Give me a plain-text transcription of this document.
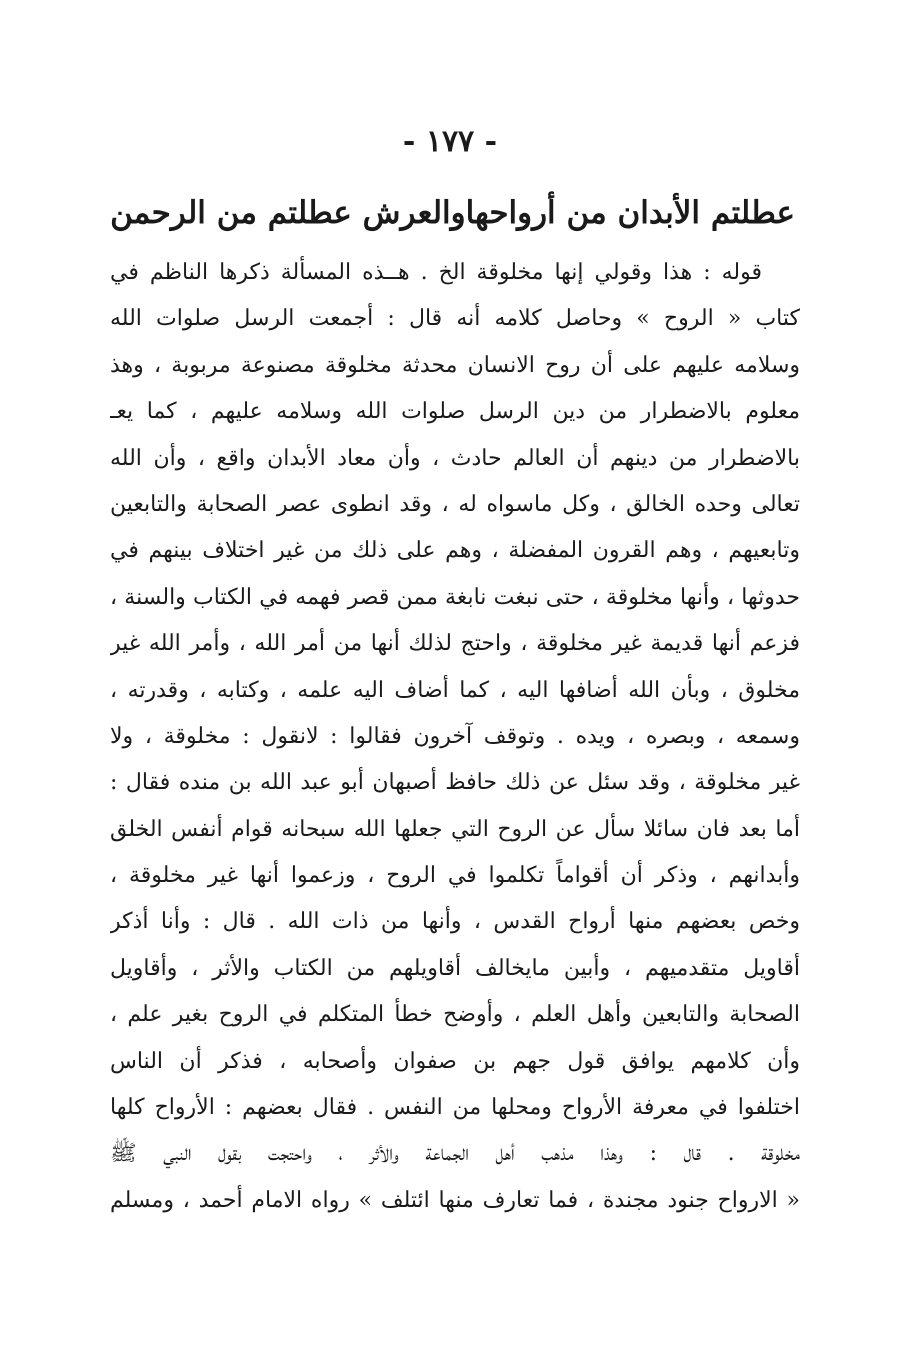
- ١٧٧ -
عطلتم الأبدان من أرواحها
والعرش عطلتم من الرحمن
قوله : هذا وقولي إنها مخلوقة الخ . هــذه المسألة ذكرها الناظم في
كتاب « الروح » وحاصل كلامه أنه قال : أجمعت الرسل صلوات الله
وسلامه عليهم على أن روح الانسان محدثة مخلوقة مصنوعة مربوبة ، وهذ
معلوم بالاضطرار من دين الرسل صلوات الله وسلامه عليهم ، كما يعـ
بالاضطرار من دينهم أن العالم حادث ، وأن معاد الأبدان واقع ، وأن الله
تعالى وحده الخالق ، وكل ماسواه له ، وقد انطوى عصر الصحابة والتابعين
وتابعيهم ، وهم القرون المفضلة ، وهم على ذلك من غير اختلاف بينهم في
حدوثها ، وأنها مخلوقة ، حتى نبغت نابغة ممن قصر فهمه في الكتاب والسنة ،
فزعم أنها قديمة غير مخلوقة ، واحتج لذلك أنها من أمر الله ، وأمر الله غير
مخلوق ، وبأن الله أضافها اليه ، كما أضاف اليه علمه ، وكتابه ، وقدرته ،
وسمعه ، وبصره ، ويده . وتوقف آخرون فقالوا : لانقول : مخلوقة ، ولا
غير مخلوقة ، وقد سئل عن ذلك حافظ أصبهان أبو عبد الله بن منده فقال :
أما بعد فان سائلا سأل عن الروح التي جعلها الله سبحانه قوام أنفس الخلق
وأبدانهم ، وذكر أن أقواماً تكلموا في الروح ، وزعموا أنها غير مخلوقة ،
وخص بعضهم منها أرواح القدس ، وأنها من ذات الله . قال : وأنا أذكر
أقاويل متقدميهم ، وأبين مايخالف أقاويلهم من الكتاب والأثر ، وأقاويل
الصحابة والتابعين وأهل العلم ، وأوضح خطأ المتكلم في الروح بغير علم ،
وأن كلامهم يوافق قول جهم بن صفوان وأصحابه ، فذكر أن الناس
اختلفوا في معرفة الأرواح ومحلها من النفس . فقال بعضهم : الأرواح كلها
مخلوقة . قال : وهذا مذهب أهل الجماعة والأثر ، واحتجت بقول النبي ﷺ
« الارواح جنود مجندة ، فما تعارف منها ائتلف » رواه الامام أحمد ، ومسلم
